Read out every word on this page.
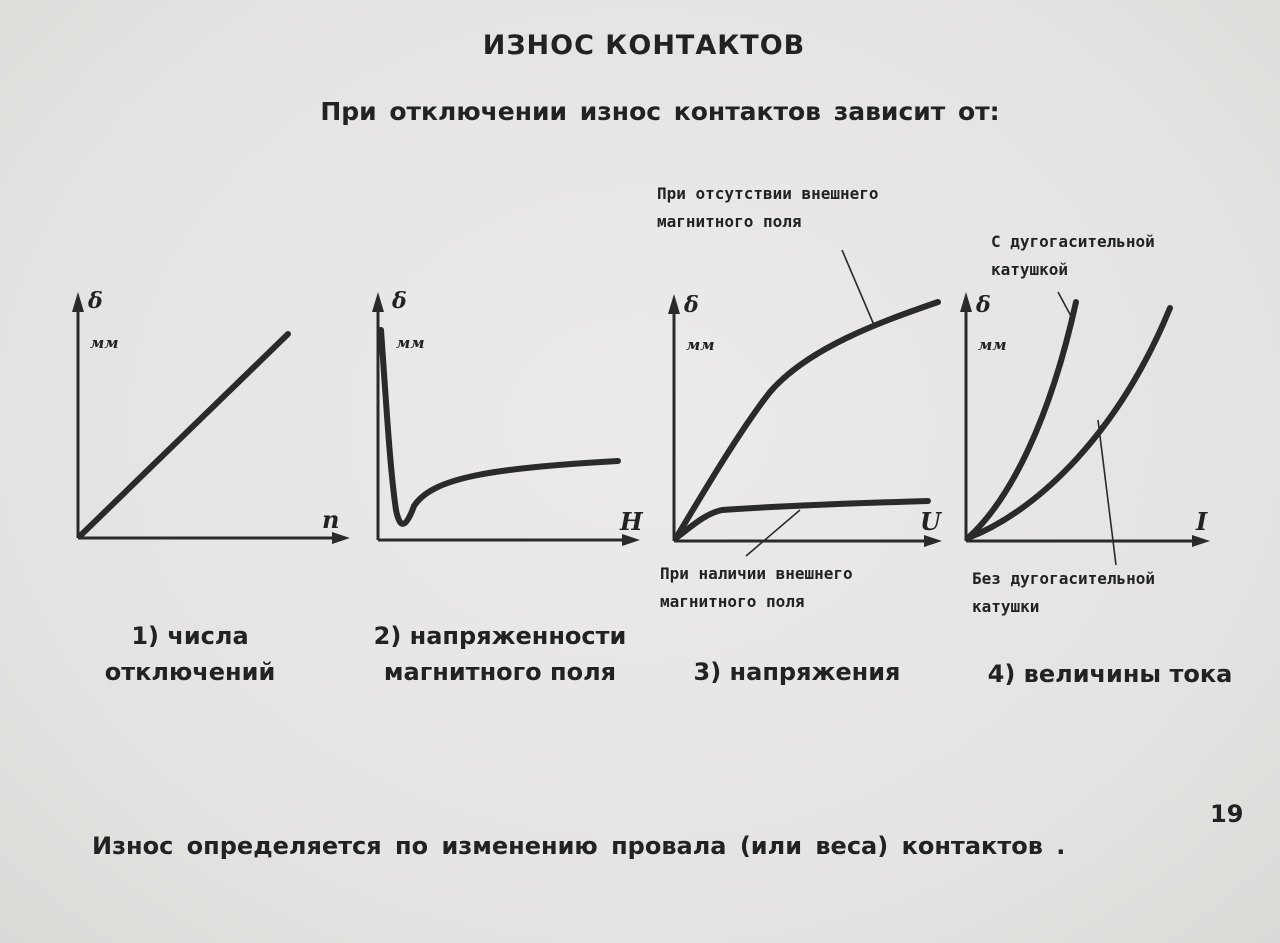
ИЗНОС КОНТАКТОВ
При отключении износ контактов зависит от:
δ
мм
n
δ
мм
H
δ
мм
U
δ
мм
I
При отсутствии внешнего
магнитного поля
При наличии внешнего
магнитного поля
С дугогасительной
катушкой
Без дугогасительной
катушки
1) числа
отключений
2) напряженности
магнитного поля	3) напряжения	4) величины тока
19
Износ определяется по изменению провала (или веса) контактов .
